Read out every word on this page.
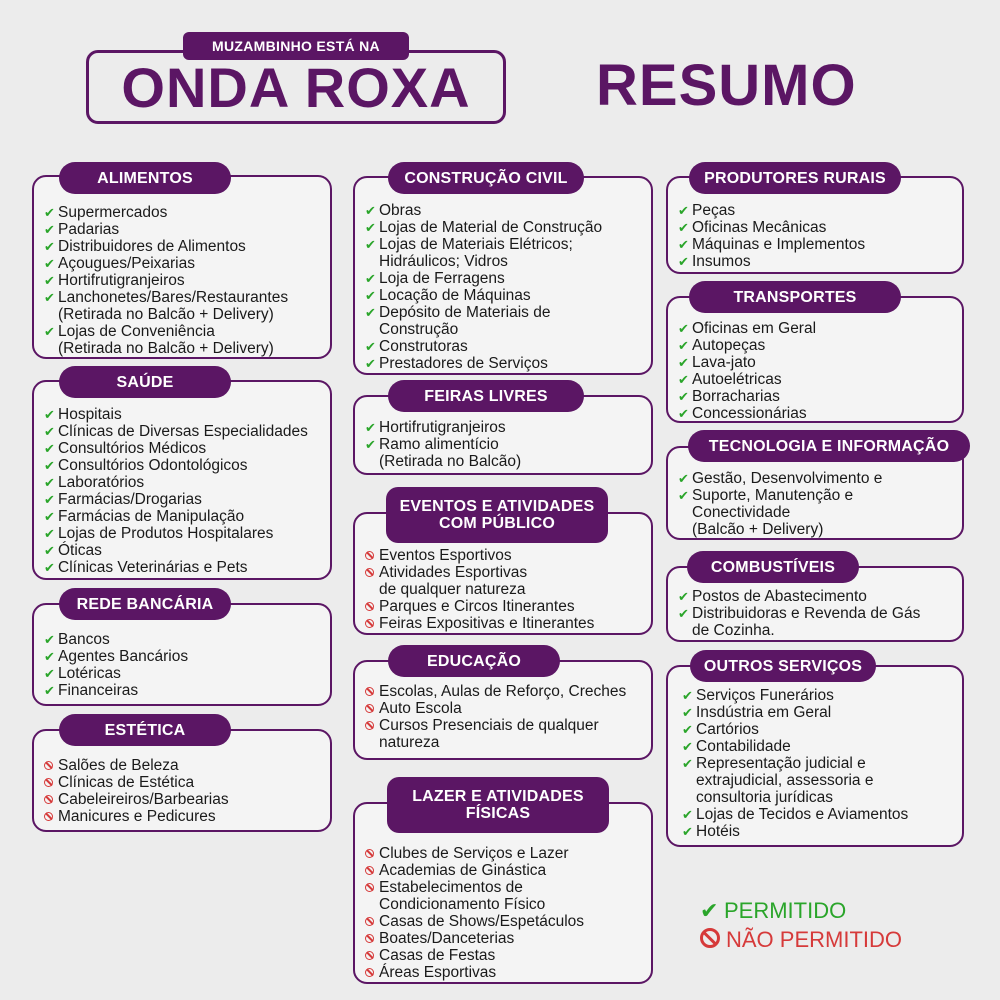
MUZAMBINHO ESTÁ NA
ONDA ROXA	RESUMO
✔ Supermercados
✔ Padarias
✔ Distribuidores de Alimentos
✔ Açougues/Peixarias
✔ Hortifrutigranjeiros
✔ Lanchonetes/Bares/Restaurantes
(Retirada no Balcão + Delivery)
✔ Lojas de Conveniência
(Retirada no Balcão + Delivery)
ALIMENTOS
✔ Hospitais
✔ Clínicas de Diversas Especialidades
✔ Consultórios Médicos
✔ Consultórios Odontológicos
✔ Laboratórios
✔ Farmácias/Drogarias
✔ Farmácias de Manipulação
✔ Lojas de Produtos Hospitalares
✔ Óticas
✔ Clínicas Veterinárias e Pets
SAÚDE
✔ Bancos
✔ Agentes Bancários
✔ Lotéricas
✔ Financeiras
REDE BANCÁRIA
Salões de Beleza
Clínicas de Estética
Cabeleireiros/Barbearias
Manicures e Pedicures
ESTÉTICA
✔ Obras
✔ Lojas de Material de Construção
✔ Lojas de Materiais Elétricos;
Hidráulicos; Vidros
✔ Loja de Ferragens
✔ Locação de Máquinas
✔ Depósito de Materiais de
Construção
✔ Construtoras
✔ Prestadores de Serviços
CONSTRUÇÃO CIVIL
✔ Hortifrutigranjeiros
✔ Ramo alimentício
(Retirada no Balcão)
FEIRAS LIVRES
Eventos Esportivos
Atividades Esportivas
de qualquer natureza
Parques e Circos Itinerantes
Feiras Expositivas e Itinerantes
EVENTOS E ATIVIDADES
COM PÚBLICO
Escolas, Aulas de Reforço, Creches
Auto Escola
Cursos Presenciais de qualquer
natureza
EDUCAÇÃO
Clubes de Serviços e Lazer
Academias de Ginástica
Estabelecimentos de
Condicionamento Físico
Casas de Shows/Espetáculos
Boates/Danceterias
Casas de Festas
Áreas Esportivas
LAZER E ATIVIDADES
FÍSICAS
✔ Peças
✔ Oficinas Mecânicas
✔ Máquinas e Implementos
✔ Insumos
PRODUTORES RURAIS
✔ Oficinas em Geral
✔ Autopeças
✔ Lava-jato
✔ Autoelétricas
✔ Borracharias
✔ Concessionárias
TRANSPORTES
✔ Gestão, Desenvolvimento e
✔ Suporte, Manutenção e
Conectividade
(Balcão + Delivery)
TECNOLOGIA E INFORMAÇÃO
✔ Postos de Abastecimento
✔ Distribuidoras e Revenda de Gás
de Cozinha.
COMBUSTÍVEIS
✔ Serviços Funerários
✔ Insdústria em Geral
✔ Cartórios
✔ Contabilidade
✔ Representação judicial e
extrajudicial, assessoria e
consultoria jurídicas
✔ Lojas de Tecidos e Aviamentos
✔ Hotéis
OUTROS SERVIÇOS
✔ PERMITIDO
NÃO PERMITIDO
